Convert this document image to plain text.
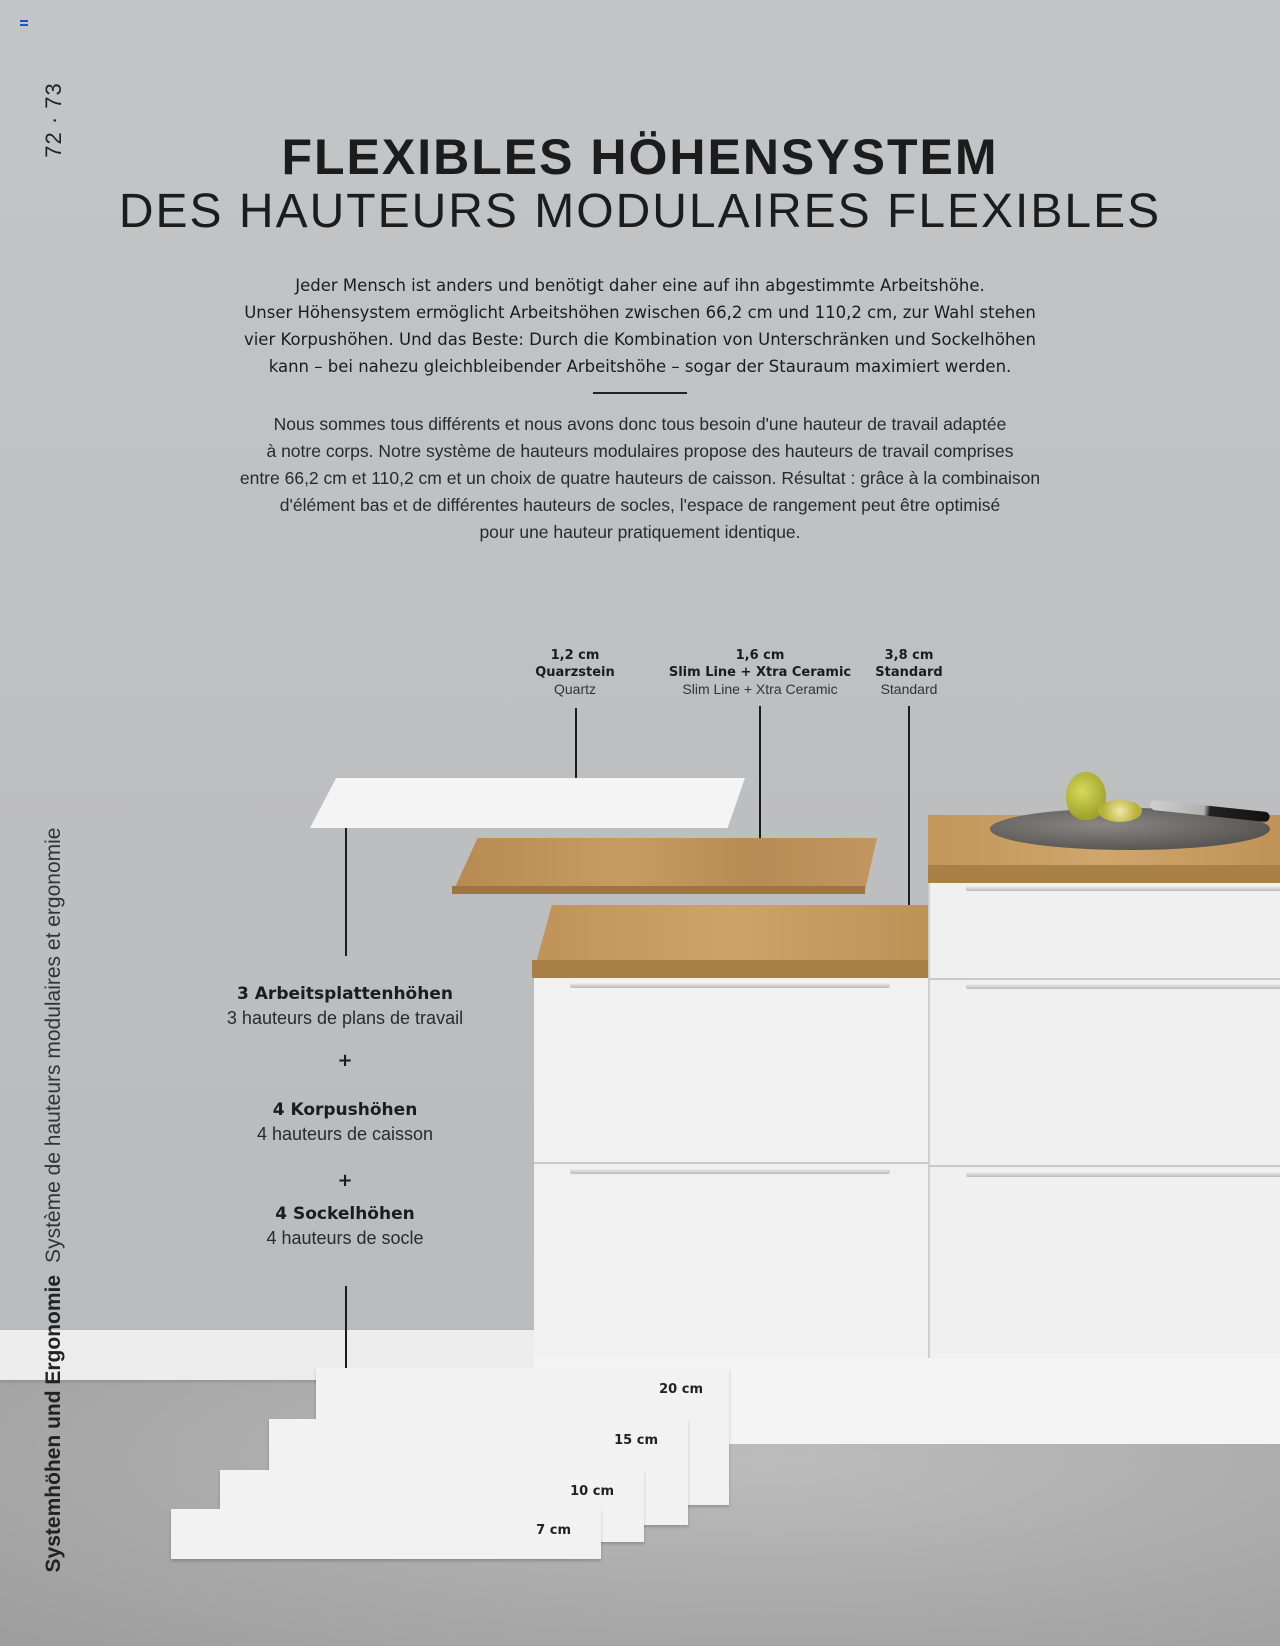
72 · 73
Systemhöhen und ErgonomieSystème de hauteurs modulaires et ergonomie
FLEXIBLES HÖHENSYSTEM
DES HAUTEURS MODULAIRES FLEXIBLES
Jeder Mensch ist anders und benötigt daher eine auf ihn abgestimmte Arbeitshöhe.
Unser Höhensystem ermöglicht Arbeitshöhen zwischen 66,2 cm und 110,2 cm, zur Wahl stehen
vier Korpushöhen. Und das Beste: Durch die Kombination von Unterschränken und Sockelhöhen
kann – bei nahezu gleichbleibender Arbeitshöhe – sogar der Stauraum maximiert werden.
Nous sommes tous différents et nous avons donc tous besoin d'une hauteur de travail adaptée
à notre corps. Notre système de hauteurs modulaires propose des hauteurs de travail comprises
entre 66,2 cm et 110,2 cm et un choix de quatre hauteurs de caisson. Résultat : grâce à la combinaison
d'élément bas et de différentes hauteurs de socles, l'espace de rangement peut être optimisé
pour une hauteur pratiquement identique.
1,2 cm
Quarzstein
Quartz
1,6 cm
Slim Line + Xtra Ceramic
Slim Line + Xtra Ceramic
3,8 cm
Standard
Standard
3 Arbeitsplattenhöhen
3 hauteurs de plans de travail
+
4 Korpushöhen
4 hauteurs de caisson
+
4 Sockelhöhen
4 hauteurs de socle
20 cm
15 cm
10 cm
7 cm
